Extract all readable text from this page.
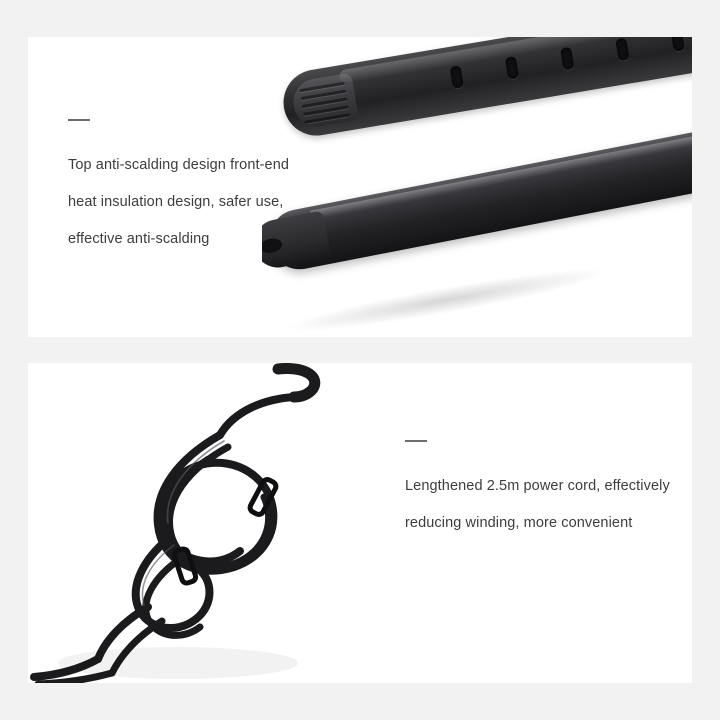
Top anti-scalding design front-end
heat insulation design, safer use,
effective anti-scalding
Lengthened 2.5m power cord, effectively
reducing winding, more convenient
